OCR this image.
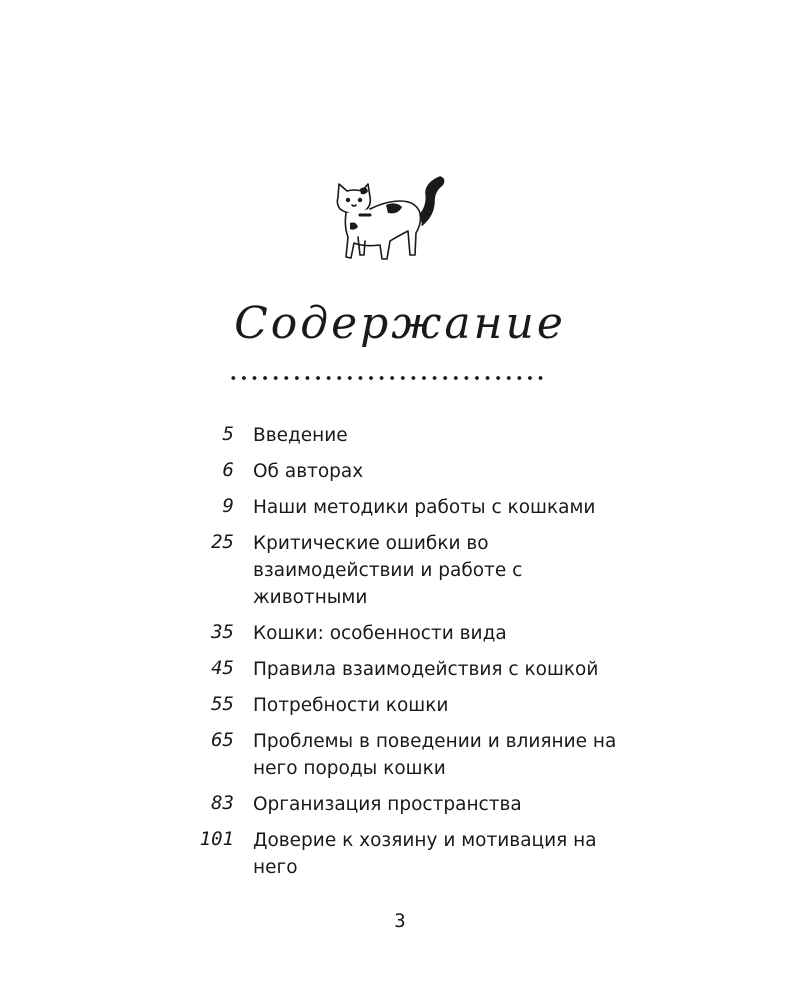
Содержание
5 Введение
6 Об авторах
9 Наши методики работы с кошками
25 Критические ошибки во взаимодействии и работе с животными
35 Кошки: особенности вида
45 Правила взаимодействия с кошкой
55 Потребности кошки
65 Проблемы в поведении и влияние на него породы кошки
83 Организация пространства
101 Доверие к хозяину и мотивация на него
3
